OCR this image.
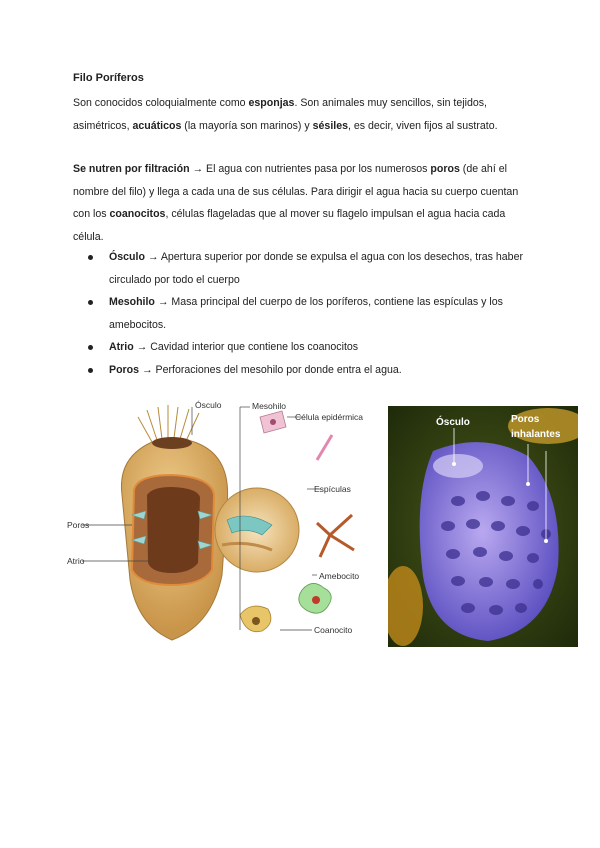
Filo Poríferos
Son conocidos coloquialmente como esponjas. Son animales muy sencillos, sin tejidos,
asimétricos, acuáticos (la mayoría son marinos) y sésiles, es decir, viven fijos al sustrato.
Se nutren por filtración → El agua con nutrientes pasa por los numerosos poros (de ahí el
nombre del filo) y llega a cada una de sus células. Para dirigir el agua hacia su cuerpo cuentan
con los coanocitos, células flageladas que al mover su flagelo impulsan el agua hacia cada
célula.
Ósculo → Apertura superior por donde se expulsa el agua con los desechos, tras haber
circulado por todo el cuerpo
Mesohilo → Masa principal del cuerpo de los poríferos, contiene las espículas y los
amebocitos.
Atrio → Cavidad interior que contiene los coanocitos
Poros → Perforaciones del mesohilo por donde entra el agua.
Ósculo	Mesohilo
Célula epidérmica
Espículas
Poros
Atrio
Amebocito
Coanocito
Ósculo	Poros
inhalantes
